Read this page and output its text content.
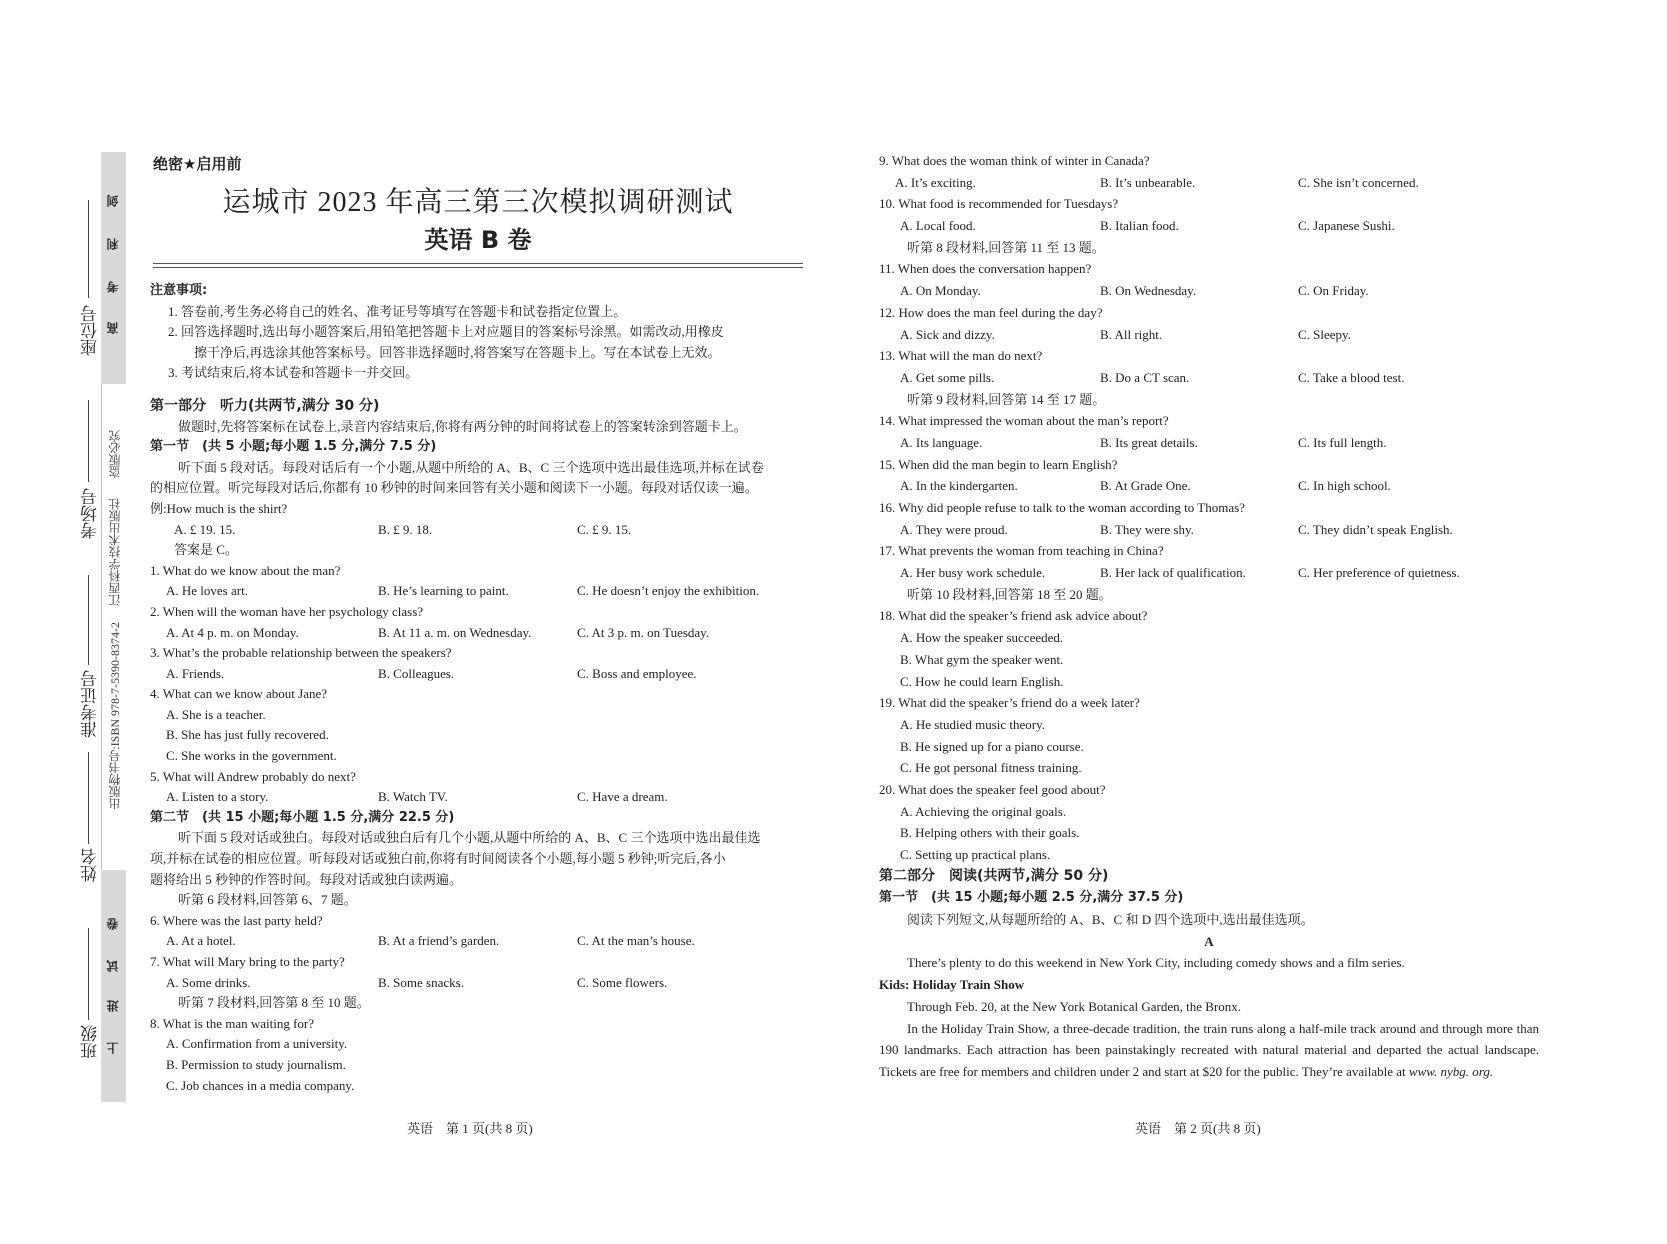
剑
利
考
高
卷
试
进
上
盗版必究
江西科学技术出版社
出版物书号:ISBN 978-7-5390-8374-2
座位号
考场号
准考证号
姓名
班级
绝密★启用前
运城市 2023 年高三第三次模拟调研测试
英语 B 卷
注意事项:
1. 答卷前,考生务必将自己的姓名、准考证号等填写在答题卡和试卷指定位置上。
2. 回答选择题时,选出每小题答案后,用铅笔把答题卡上对应题目的答案标号涂黑。如需改动,用橡皮
擦干净后,再选涂其他答案标号。回答非选择题时,将答案写在答题卡上。写在本试卷上无效。
3. 考试结束后,将本试卷和答题卡一并交回。
第一部分　听力(共两节,满分 30 分)
做题时,先将答案标在试卷上,录音内容结束后,你将有两分钟的时间将试卷上的答案转涂到答题卡上。
第一节　(共 5 小题;每小题 1.5 分,满分 7.5 分)
听下面 5 段对话。每段对话后有一个小题,从题中所给的 A、B、C 三个选项中选出最佳选项,并标在试卷
的相应位置。听完每段对话后,你都有 10 秒钟的时间来回答有关小题和阅读下一小题。每段对话仅读一遍。
例:How much is the shirt?
A. £ 19. 15.	B. £ 9. 18.	C. £ 9. 15.
答案是 C。
1. What do we know about the man?
A. He loves art.	B. He’s learning to paint.	C. He doesn’t enjoy the exhibition.
2. When will the woman have her psychology class?
A. At 4 p. m. on Monday.	B. At 11 a. m. on Wednesday.	C. At 3 p. m. on Tuesday.
3. What’s the probable relationship between the speakers?
A. Friends.	B. Colleagues.	C. Boss and employee.
4. What can we know about Jane?
A. She is a teacher.
B. She has just fully recovered.
C. She works in the government.
5. What will Andrew probably do next?
A. Listen to a story.	B. Watch TV.	C. Have a dream.
第二节　(共 15 小题;每小题 1.5 分,满分 22.5 分)
听下面 5 段对话或独白。每段对话或独白后有几个小题,从题中所给的 A、B、C 三个选项中选出最佳选
项,并标在试卷的相应位置。听每段对话或独白前,你将有时间阅读各个小题,每小题 5 秒钟;听完后,各小
题将给出 5 秒钟的作答时间。每段对话或独白读两遍。
听第 6 段材料,回答第 6、7 题。
6. Where was the last party held?
A. At a hotel.	B. At a friend’s garden.	C. At the man’s house.
7. What will Mary bring to the party?
A. Some drinks.	B. Some snacks.	C. Some flowers.
听第 7 段材料,回答第 8 至 10 题。
8. What is the man waiting for?
A. Confirmation from a university.
B. Permission to study journalism.
C. Job chances in a media company.
9. What does the woman think of winter in Canada?
A. It’s exciting.	B. It’s unbearable.	C. She isn’t concerned.
10. What food is recommended for Tuesdays?
A. Local food.	B. Italian food.	C. Japanese Sushi.
听第 8 段材料,回答第 11 至 13 题。
11. When does the conversation happen?
A. On Monday.	B. On Wednesday.	C. On Friday.
12. How does the man feel during the day?
A. Sick and dizzy.	B. All right.	C. Sleepy.
13. What will the man do next?
A. Get some pills.	B. Do a CT scan.	C. Take a blood test.
听第 9 段材料,回答第 14 至 17 题。
14. What impressed the woman about the man’s report?
A. Its language.	B. Its great details.	C. Its full length.
15. When did the man begin to learn English?
A. In the kindergarten.	B. At Grade One.	C. In high school.
16. Why did people refuse to talk to the woman according to Thomas?
A. They were proud.	B. They were shy.	C. They didn’t speak English.
17. What prevents the woman from teaching in China?
A. Her busy work schedule.	B. Her lack of qualification.	C. Her preference of quietness.
听第 10 段材料,回答第 18 至 20 题。
18. What did the speaker’s friend ask advice about?
A. How the speaker succeeded.
B. What gym the speaker went.
C. How he could learn English.
19. What did the speaker’s friend do a week later?
A. He studied music theory.
B. He signed up for a piano course.
C. He got personal fitness training.
20. What does the speaker feel good about?
A. Achieving the original goals.
B. Helping others with their goals.
C. Setting up practical plans.
第二部分　阅读(共两节,满分 50 分)
第一节　(共 15 小题;每小题 2.5 分,满分 37.5 分)
阅读下列短文,从每题所给的 A、B、C 和 D 四个选项中,选出最佳选项。
A
There’s plenty to do this weekend in New York City, including comedy shows and a film series.
Kids: Holiday Train Show
Through Feb. 20, at the New York Botanical Garden, the Bronx.
In the Holiday Train Show, a three-decade tradition, the train runs along a half-mile track around and through more than 190 landmarks. Each attraction has been painstakingly recreated with natural material and departed the actual landscape. Tickets are free for members and children under 2 and start at $20 for the public. They’re available at www. nybg. org.
英语　第 1 页(共 8 页)	英语　第 2 页(共 8 页)
